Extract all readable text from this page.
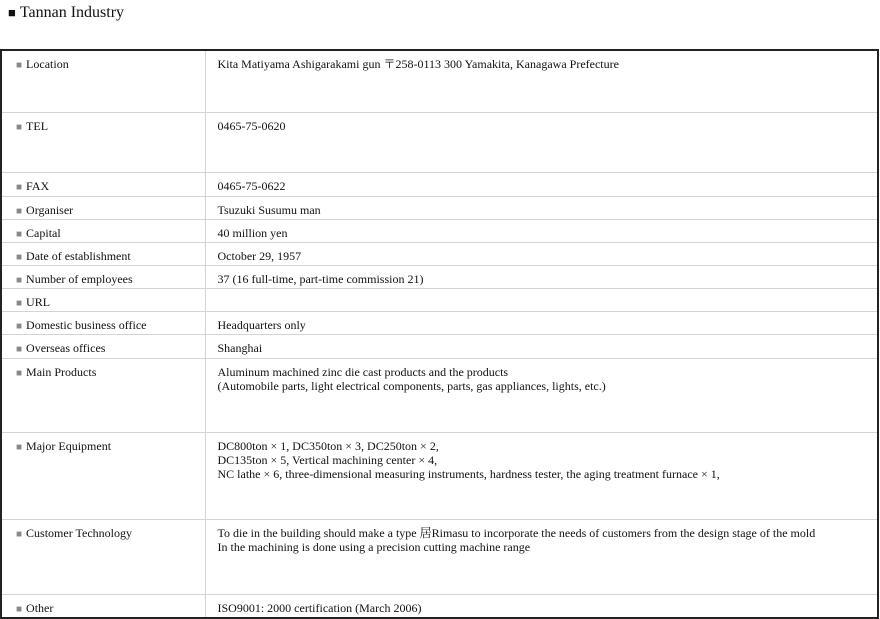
■ Tannan Industry
■ Location	Kita Matiyama Ashigarakami gun 〒258-0113 300 Yamakita, Kanagawa Prefecture

■ TEL	0465-75-0620

■ FAX	0465-75-0622

■ Organiser	Tsuzuki Susumu man

■ Capital	40 million yen

■ Date of establishment	October 29, 1957

■ Number of employees	37 (16 full-time, part-time commission 21)

■ URL	
■ Domestic business office	Headquarters only

■ Overseas offices	Shanghai

■ Main Products	Aluminum machined zinc die cast products and the products
(Automobile parts, light electrical components, parts, gas appliances, lights, etc.)

■ Major Equipment	DC800ton × 1, DC350ton × 3, DC250ton × 2,
DC135ton × 5, Vertical machining center × 4,
NC lathe × 6, three-dimensional measuring instruments, hardness tester, the aging treatment furnace × 1,

■ Customer Technology	To die in the building should make a type 居Rimasu to incorporate the needs of customers from the design stage of the mold
In the machining is done using a precision cutting machine range

■ Other	ISO9001: 2000 certification (March 2006)
